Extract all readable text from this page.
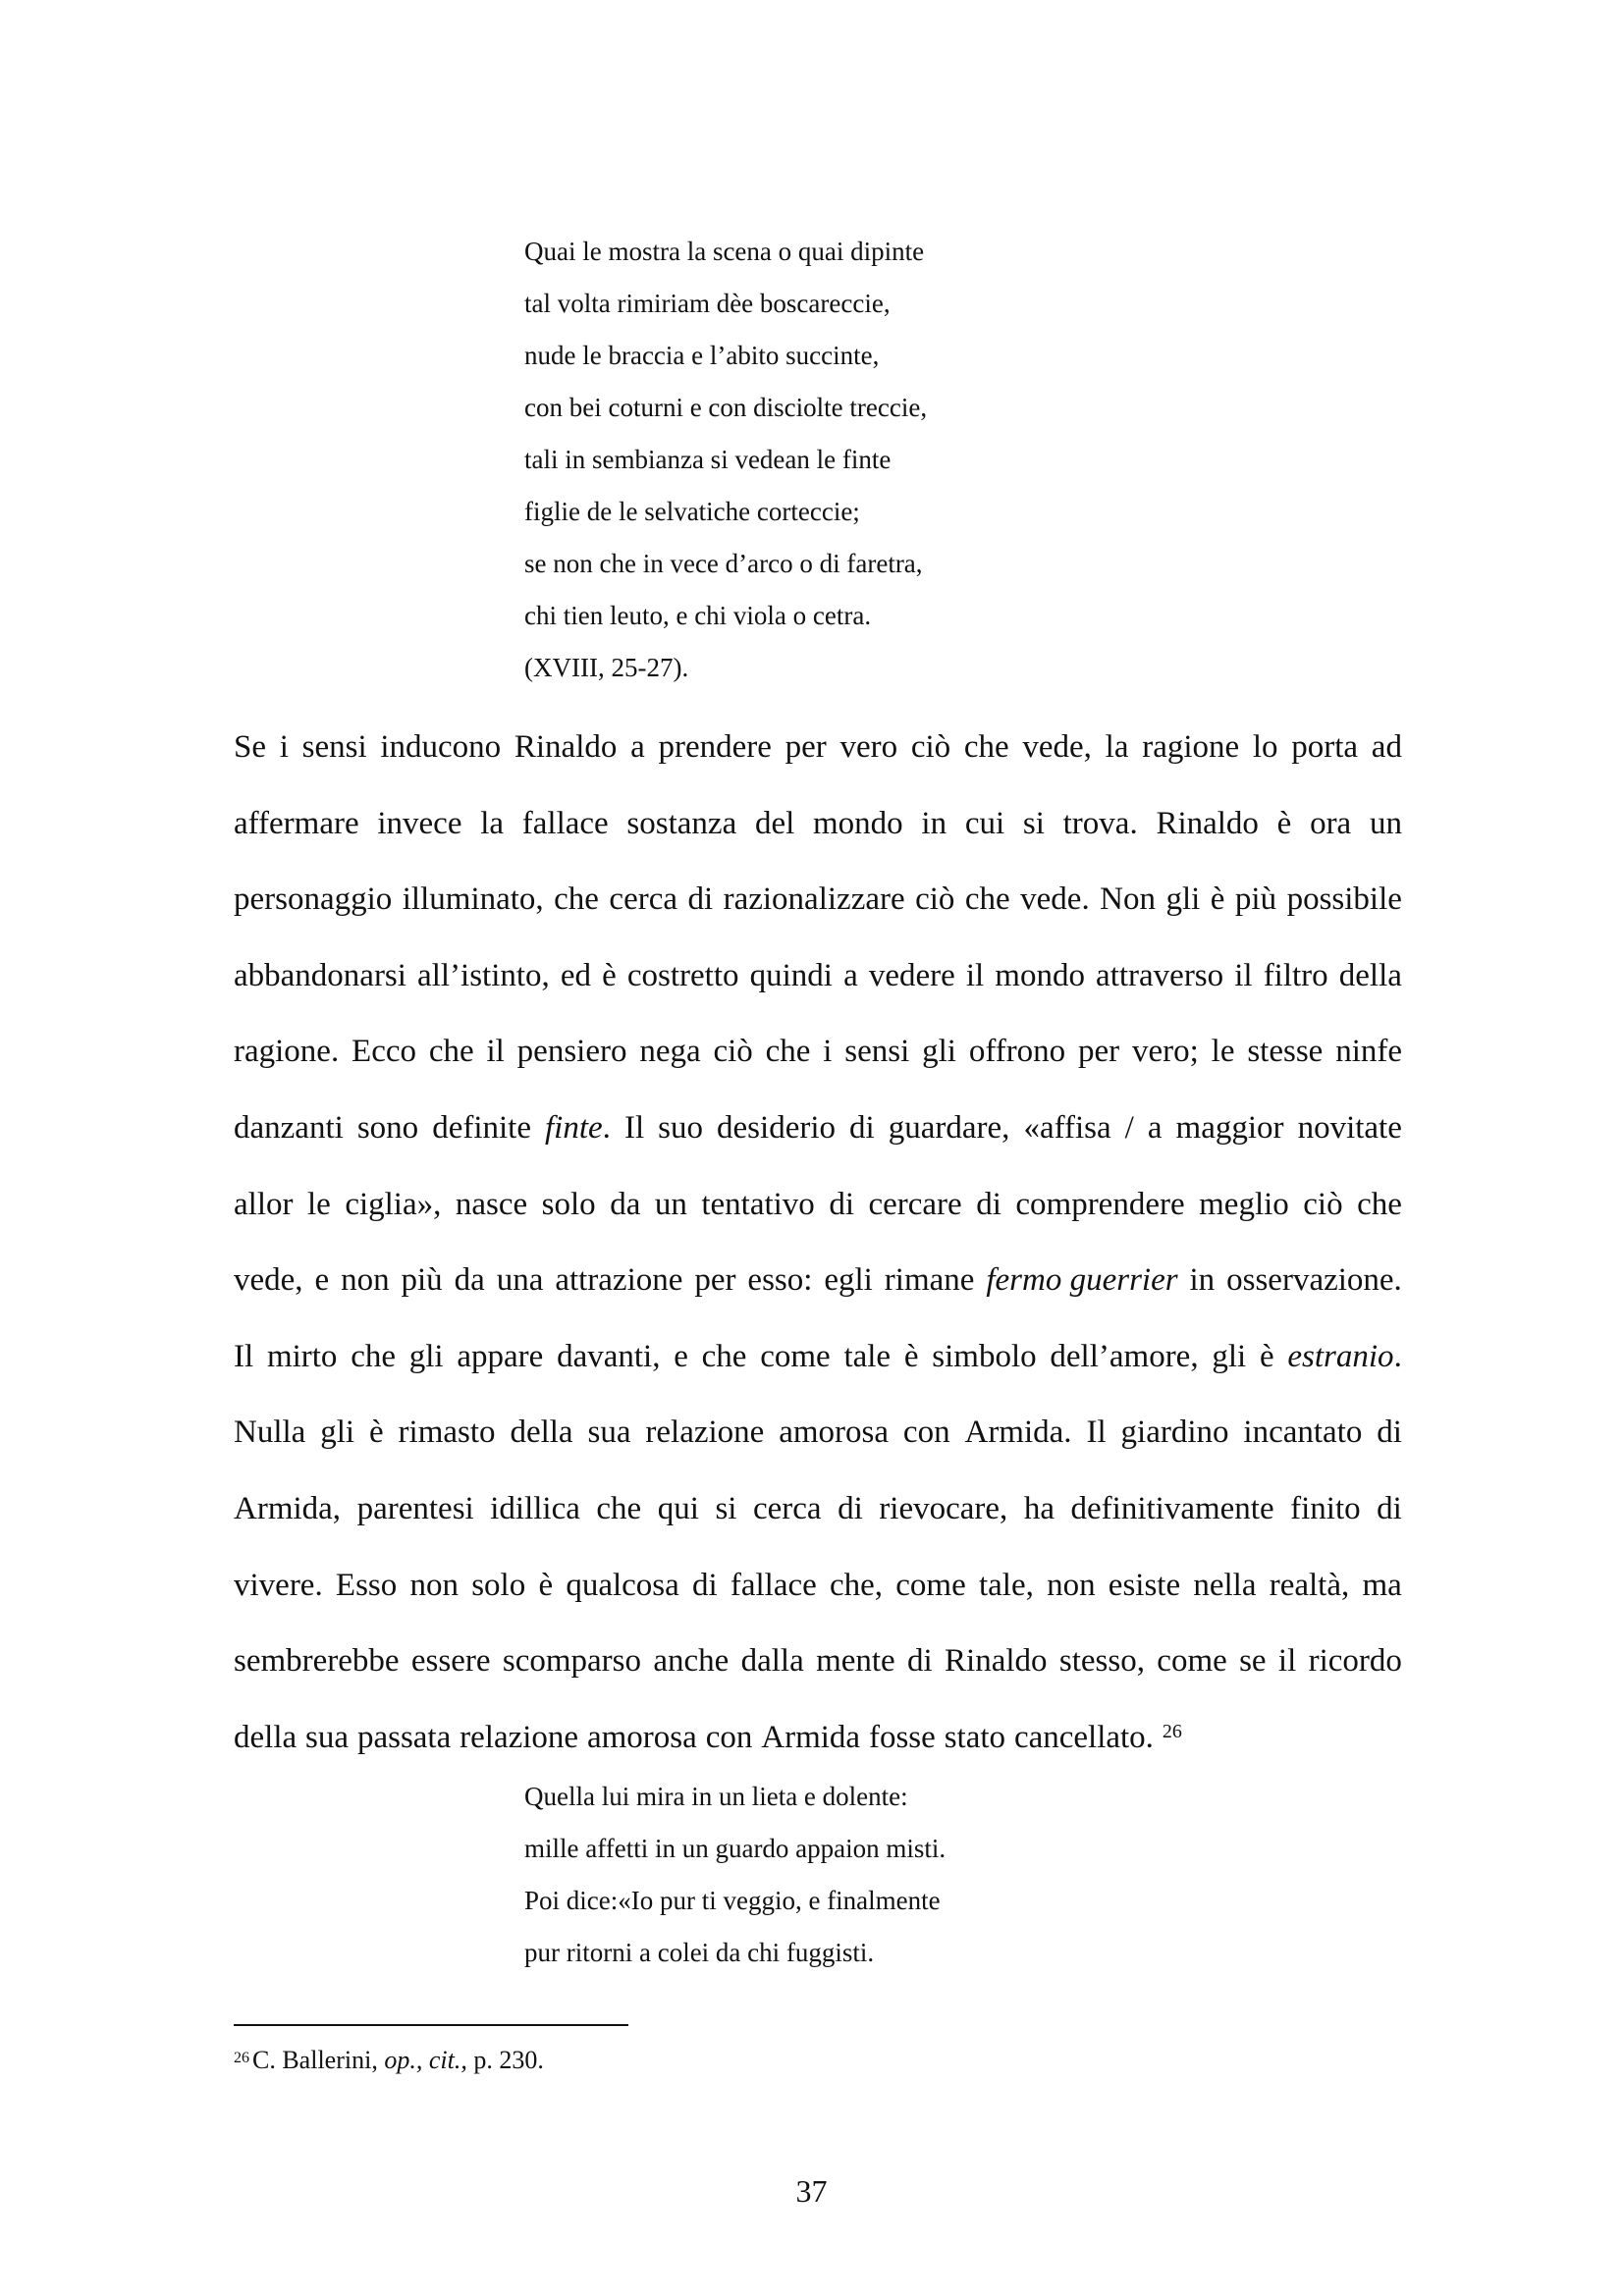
Quai le mostra la scena o quai dipinte
tal volta rimiriam dèe boscareccie,
nude le braccia e l’abito succinte,
con bei coturni e con disciolte treccie,
tali in sembianza si vedean le finte
figlie de le selvatiche corteccie;
se non che in vece d’arco o di faretra,
chi tien leuto, e chi viola o cetra.
(XVIII, 25-27).
Se i sensi inducono Rinaldo a prendere per vero ciò che vede, la ragione lo porta ad
affermare invece la fallace sostanza del mondo in cui si trova. Rinaldo è ora un
personaggio illuminato, che cerca di razionalizzare ciò che vede. Non gli è più possibile
abbandonarsi all’istinto, ed è costretto quindi a vedere il mondo attraverso il filtro della
ragione. Ecco che il pensiero nega ciò che i sensi gli offrono per vero; le stesse ninfe
danzanti sono definite finte. Il suo desiderio di guardare, «affisa / a maggior novitate
allor le ciglia», nasce solo da un tentativo di cercare di comprendere meglio ciò che
vede, e non più da una attrazione per esso: egli rimane fermo guerrier in osservazione.
Il mirto che gli appare davanti, e che come tale è simbolo dell’amore, gli è estranio.
Nulla gli è rimasto della sua relazione amorosa con Armida. Il giardino incantato di
Armida, parentesi idillica che qui si cerca di rievocare, ha definitivamente finito di
vivere. Esso non solo è qualcosa di fallace che, come tale, non esiste nella realtà, ma
sembrerebbe essere scomparso anche dalla mente di Rinaldo stesso, come se il ricordo
della sua passata relazione amorosa con Armida fosse stato cancellato. $^{26}$
Quella lui mira in un lieta e dolente:
mille affetti in un guardo appaion misti.
Poi dice:«Io pur ti veggio, e finalmente
pur ritorni a colei da chi fuggisti.
$^{26}$ C. Ballerini, op., cit., p. 230.
37
